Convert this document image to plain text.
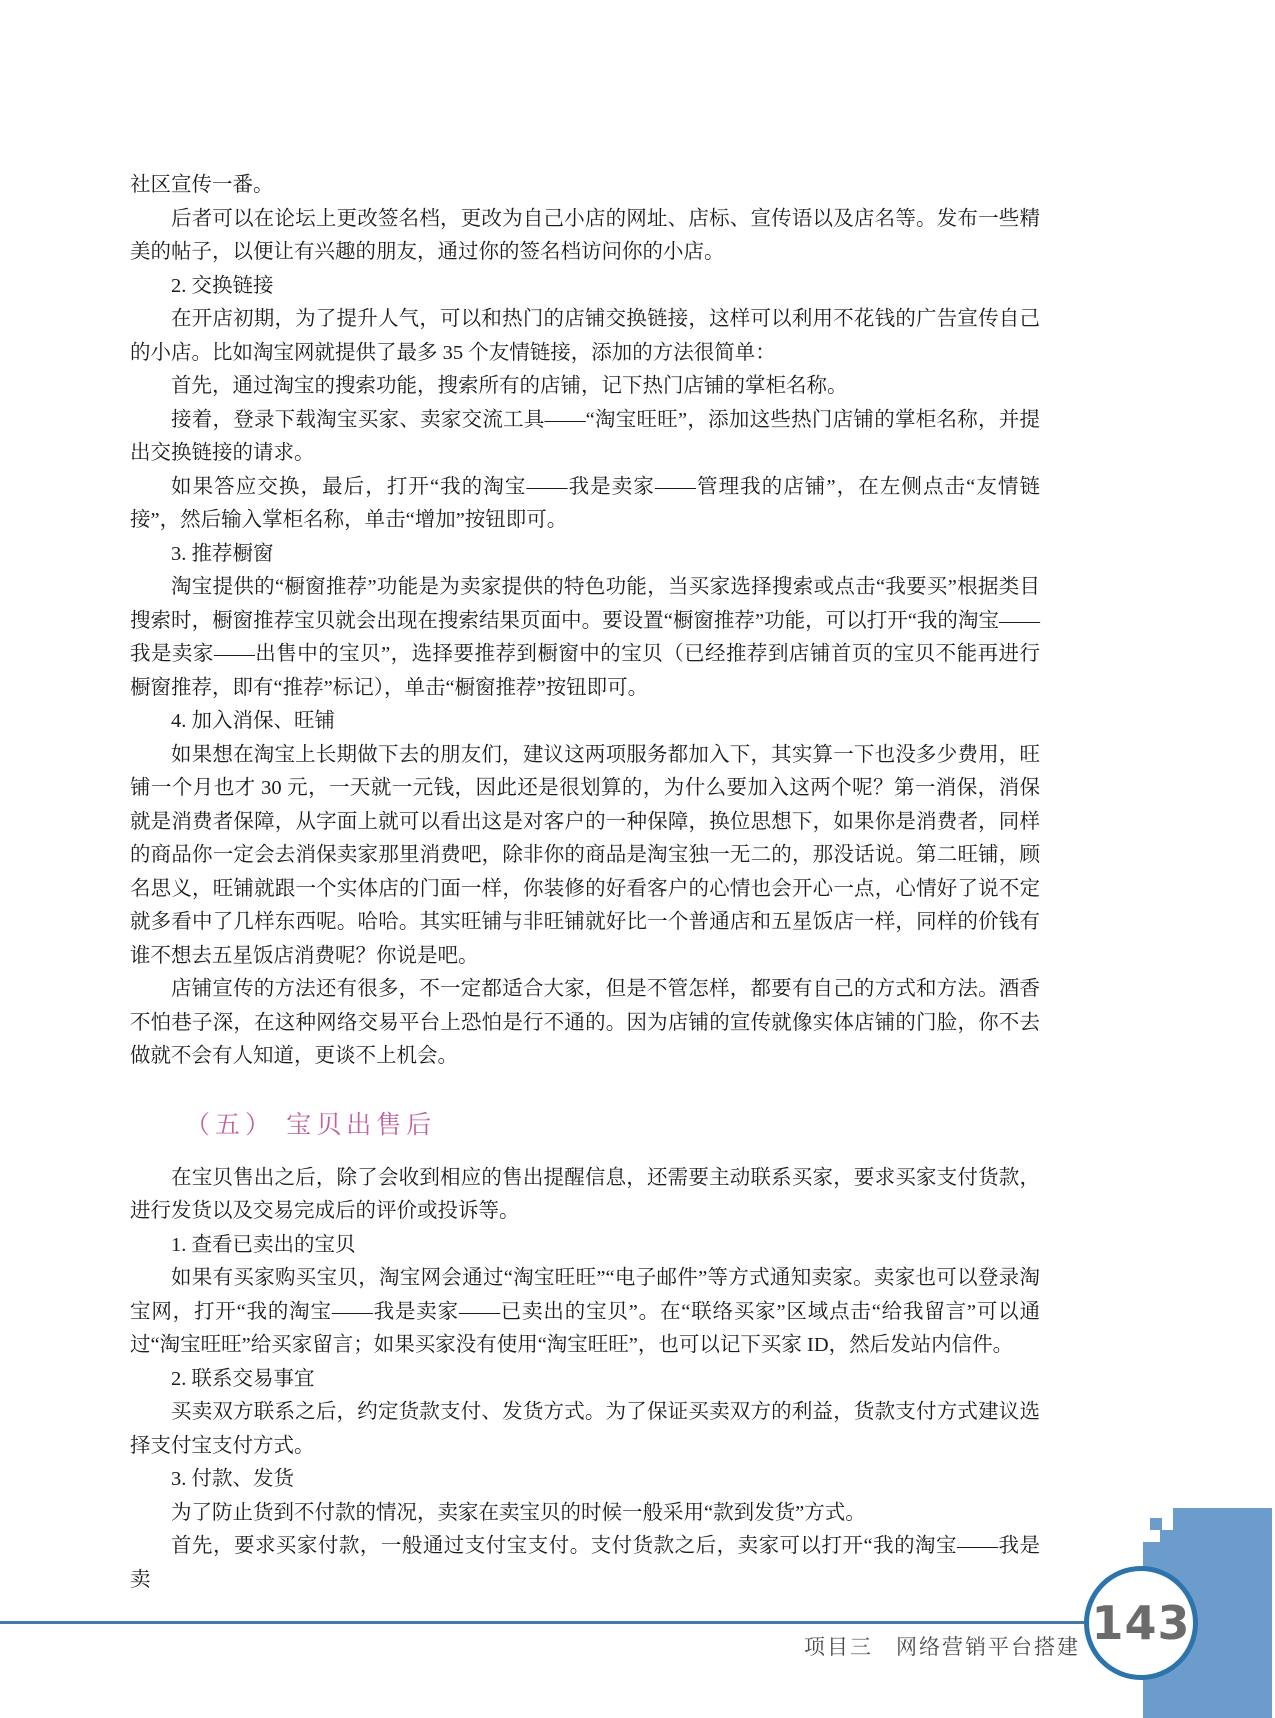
社区宣传一番。

后者可以在论坛上更改签名档，更改为自己小店的网址、店标、宣传语以及店名等。发布一些精美的帖子，以便让有兴趣的朋友，通过你的签名档访问你的小店。

2. 交换链接

在开店初期，为了提升人气，可以和热门的店铺交换链接，这样可以利用不花钱的广告宣传自己的小店。比如淘宝网就提供了最多 35 个友情链接，添加的方法很简单：

首先，通过淘宝的搜索功能，搜索所有的店铺，记下热门店铺的掌柜名称。

接着，登录下载淘宝买家、卖家交流工具——“淘宝旺旺”，添加这些热门店铺的掌柜名称，并提出交换链接的请求。

如果答应交换，最后，打开“我的淘宝——我是卖家——管理我的店铺”，在左侧点击“友情链接”，然后输入掌柜名称，单击“增加”按钮即可。

3. 推荐橱窗

淘宝提供的“橱窗推荐”功能是为卖家提供的特色功能，当买家选择搜索或点击“我要买”根据类目搜索时，橱窗推荐宝贝就会出现在搜索结果页面中。要设置“橱窗推荐”功能，可以打开“我的淘宝——我是卖家——出售中的宝贝”，选择要推荐到橱窗中的宝贝（已经推荐到店铺首页的宝贝不能再进行橱窗推荐，即有“推荐”标记），单击“橱窗推荐”按钮即可。

4. 加入消保、旺铺

如果想在淘宝上长期做下去的朋友们，建议这两项服务都加入下，其实算一下也没多少费用，旺铺一个月也才 30 元，一天就一元钱，因此还是很划算的，为什么要加入这两个呢？第一消保，消保就是消费者保障，从字面上就可以看出这是对客户的一种保障，换位思想下，如果你是消费者，同样的商品你一定会去消保卖家那里消费吧，除非你的商品是淘宝独一无二的，那没话说。第二旺铺，顾名思义，旺铺就跟一个实体店的门面一样，你装修的好看客户的心情也会开心一点，心情好了说不定就多看中了几样东西呢。哈哈。其实旺铺与非旺铺就好比一个普通店和五星饭店一样，同样的价钱有谁不想去五星饭店消费呢？你说是吧。

店铺宣传的方法还有很多，不一定都适合大家，但是不管怎样，都要有自己的方式和方法。酒香不怕巷子深，在这种网络交易平台上恐怕是行不通的。因为店铺的宣传就像实体店铺的门脸，你不去做就不会有人知道，更谈不上机会。

（五） 宝贝出售后

在宝贝售出之后，除了会收到相应的售出提醒信息，还需要主动联系买家，要求买家支付货款，进行发货以及交易完成后的评价或投诉等。

1. 查看已卖出的宝贝

如果有买家购买宝贝，淘宝网会通过“淘宝旺旺”“电子邮件”等方式通知卖家。卖家也可以登录淘宝网，打开“我的淘宝——我是卖家——已卖出的宝贝”。在“联络买家”区域点击“给我留言”可以通过“淘宝旺旺”给买家留言；如果买家没有使用“淘宝旺旺”，也可以记下买家 ID，然后发站内信件。

2. 联系交易事宜

买卖双方联系之后，约定货款支付、发货方式。为了保证买卖双方的利益，货款支付方式建议选择支付宝支付方式。

3. 付款、发货

为了防止货到不付款的情况，卖家在卖宝贝的时候一般采用“款到发货”方式。

首先，要求买家付款，一般通过支付宝支付。支付货款之后，卖家可以打开“我的淘宝——我是卖

项目三　网络营销平台搭建 143
